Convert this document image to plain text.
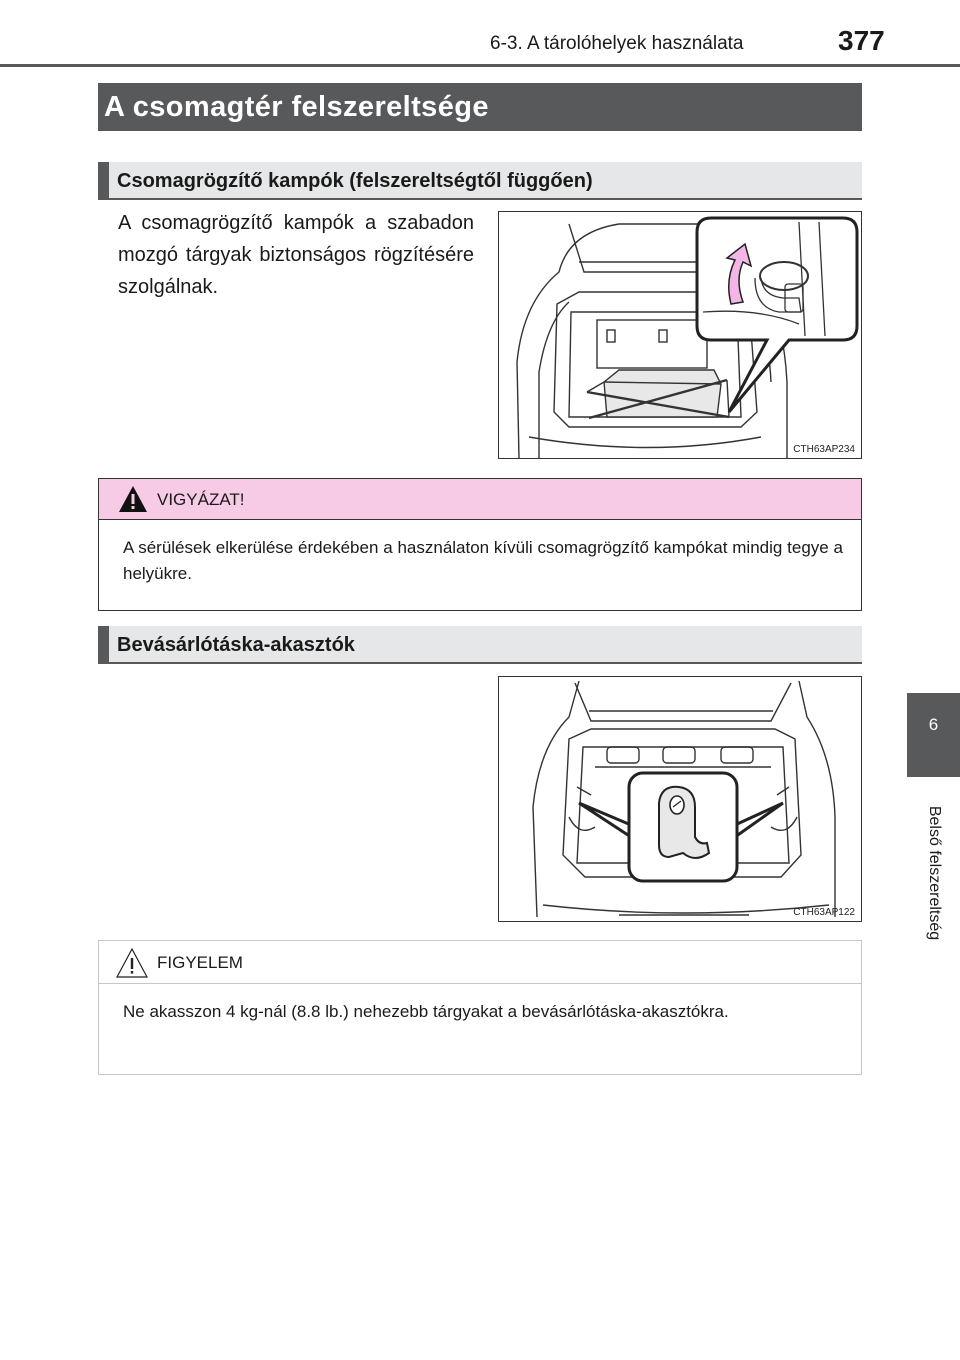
6-3. A tárolóhelyek használata	377
6
Belső felszereltség
A csomagtér felszereltsége
Csomagrögzítő kampók (felszereltségtől függően)
A csomagrögzítő kampók a szabadon mozgó tárgyak biztonságos rögzítésére szolgálnak.
CTH63AP234
VIGYÁZAT!
A sérülések elkerülése érdekében a használaton kívüli csomagrögzítő kampókat mindig tegye a helyükre.
Bevásárlótáska-akasztók
CTH63AP122
FIGYELEM
Ne akasszon 4 kg-nál (8.8 lb.) nehezebb tárgyakat a bevásárlótáska-akasztókra.
